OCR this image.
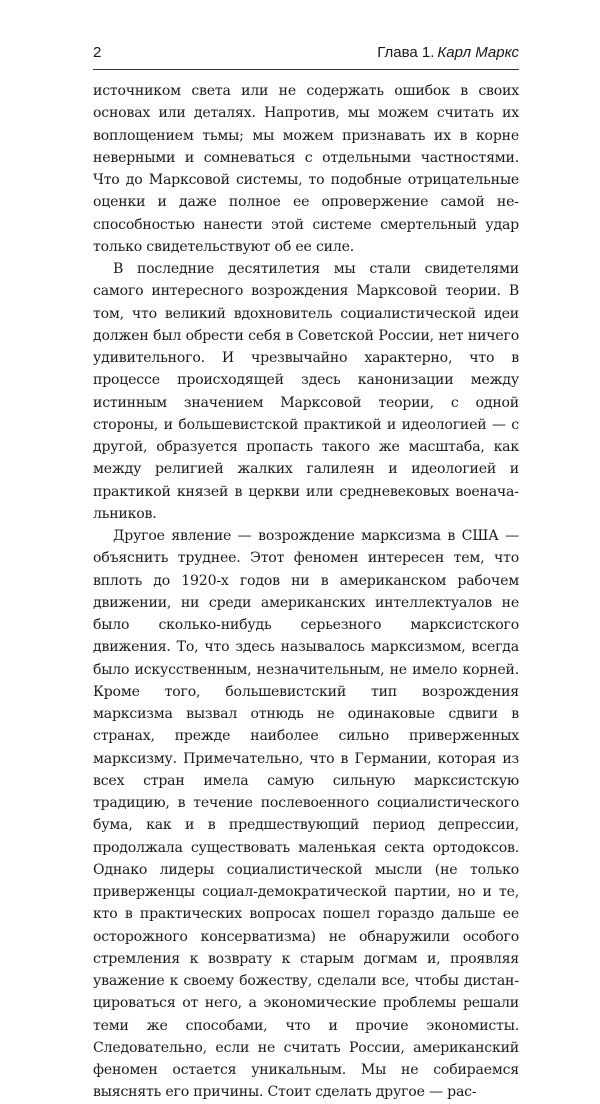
2	Глава 1. Карл Маркс

источником света или не содержать ошибок в своих основах или деталях. Напротив, мы можем считать их воплощением тьмы; мы можем признавать их в корне неверными и сомневаться с отдельными частностями. Что до Марксовой системы, то подобные отрицательные оценки и даже полное ее опровержение самой неспособностью нанести этой системе смертельный удар только свидетельствуют об ее силе.

В последние десятилетия мы стали свидетелями самого интересного возрождения Марксовой теории. В том, что великий вдохновитель социалистической идеи должен был обрести себя в Советской России, нет ничего удивительного. И чрезвычайно характерно, что в процессе происходящей здесь канонизации между истинным значением Марксовой теории, с одной стороны, и большевистской практикой и идеологией — с другой, образуется пропасть такого же масштаба, как между религией жалких галилеян и идеологией и практикой князей в церкви или средневековых военачальников.

Другое явление — возрождение марксизма в США — объяснить труднее. Этот феномен интересен тем, что вплоть до 1920-х годов ни в американском рабочем движении, ни среди американских интеллектуалов не было сколько-нибудь серьезного марксистского движения. То, что здесь называлось марксизмом, всегда было искусственным, незначительным, не имело корней. Кроме того, большевистский тип возрождения марксизма вызвал отнюдь не одинаковые сдвиги в странах, прежде наиболее сильно приверженных марксизму. Примечательно, что в Германии, которая из всех стран имела самую сильную марксистскую традицию, в течение послевоенного социалистического бума, как и в предшествующий период депрессии, продолжала существовать маленькая секта ортодоксов. Однако лидеры социалистической мысли (не только приверженцы социал-демократической партии, но и те, кто в практических вопросах пошел гораздо дальше ее осторожного консерватизма) не обнаружили особого стремления к возврату к старым догмам и, проявляя уважение к своему божеству, сделали все, чтобы дистанцироваться от него, а экономические проблемы решали теми же способами, что и прочие экономисты. Следовательно, если не считать России, американский феномен остается уникальным. Мы не собираемся выяснять его причины. Стоит сделать другое — рас-
